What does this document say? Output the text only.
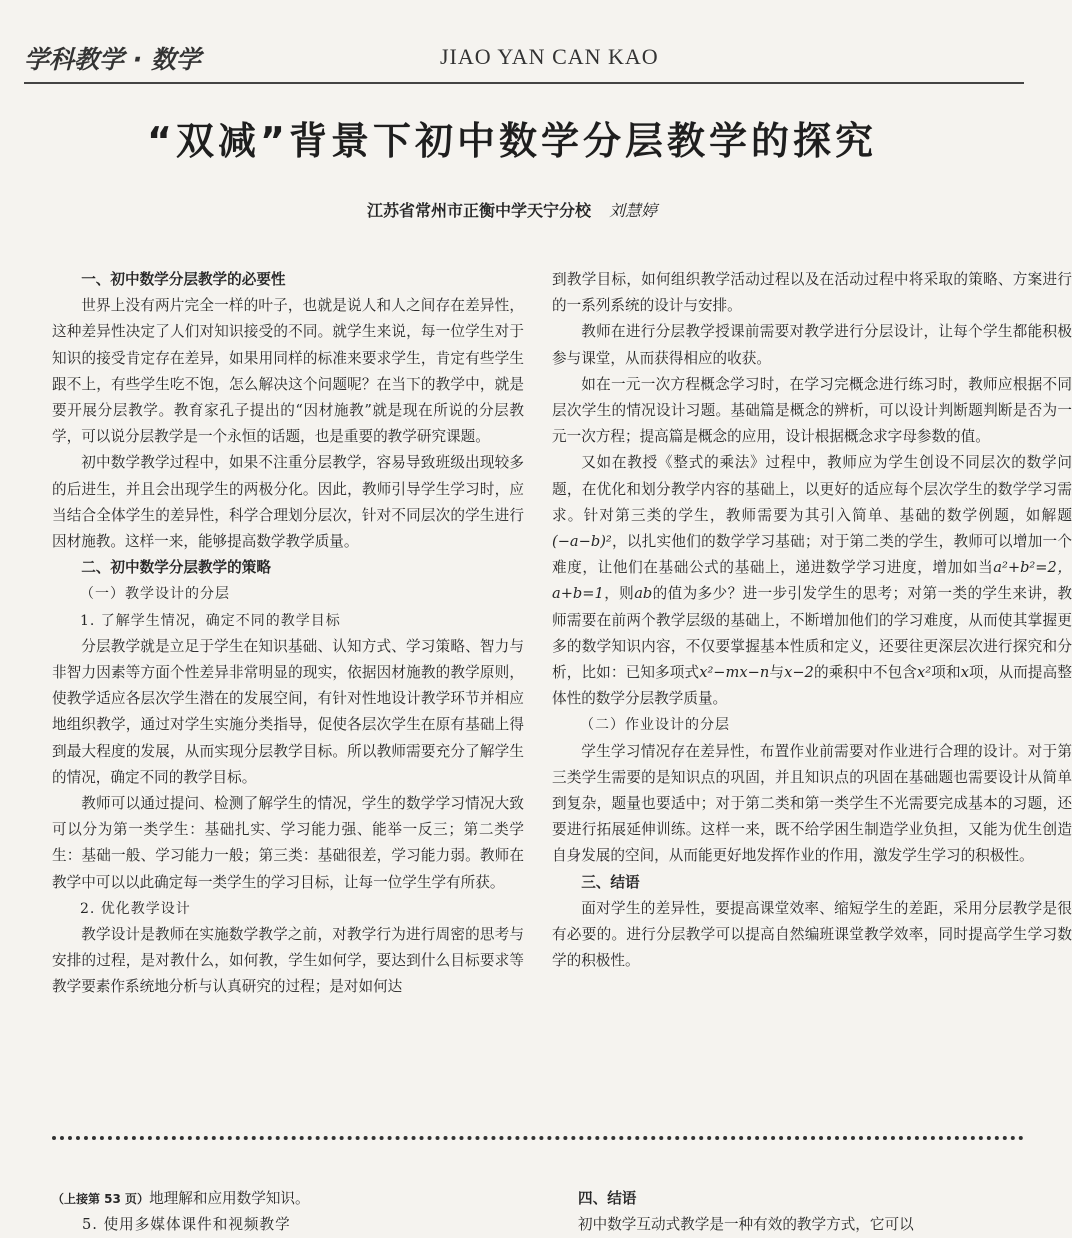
学科教学 · 数学	JIAO YAN CAN KAO
“双减”背景下初中数学分层教学的探究
江苏省常州市正衡中学天宁分校 刘慧婷
一、初中数学分层教学的必要性

世界上没有两片完全一样的叶子，也就是说人和人之间存在差异性，这种差异性决定了人们对知识接受的不同。就学生来说，每一位学生对于知识的接受肯定存在差异，如果用同样的标准来要求学生，肯定有些学生跟不上，有些学生吃不饱，怎么解决这个问题呢？在当下的教学中，就是要开展分层教学。教育家孔子提出的“因材施教”就是现在所说的分层教学，可以说分层教学是一个永恒的话题，也是重要的教学研究课题。

初中数学教学过程中，如果不注重分层教学，容易导致班级出现较多的后进生，并且会出现学生的两极分化。因此，教师引导学生学习时，应当结合全体学生的差异性，科学合理划分层次，针对不同层次的学生进行因材施教。这样一来，能够提高数学教学质量。

二、初中数学分层教学的策略
（一）教学设计的分层
1. 了解学生情况，确定不同的教学目标

分层教学就是立足于学生在知识基础、认知方式、学习策略、智力与非智力因素等方面个性差异非常明显的现实，依据因材施教的教学原则，使教学适应各层次学生潜在的发展空间，有针对性地设计教学环节并相应地组织教学，通过对学生实施分类指导，促使各层次学生在原有基础上得到最大程度的发展，从而实现分层教学目标。所以教师需要充分了解学生的情况，确定不同的教学目标。

教师可以通过提问、检测了解学生的情况，学生的数学学习情况大致可以分为第一类学生：基础扎实、学习能力强、能举一反三；第二类学生：基础一般、学习能力一般；第三类：基础很差，学习能力弱。教师在教学中可以以此确定每一类学生的学习目标，让每一位学生学有所获。

2. 优化教学设计

教学设计是教师在实施数学教学之前，对教学行为进行周密的思考与安排的过程，是对教什么，如何教，学生如何学，要达到什么目标要求等教学要素作系统地分析与认真研究的过程；是对如何达

到教学目标，如何组织教学活动过程以及在活动过程中将采取的策略、方案进行的一系列系统的设计与安排。

教师在进行分层教学授课前需要对教学进行分层设计，让每个学生都能积极参与课堂，从而获得相应的收获。

如在一元一次方程概念学习时，在学习完概念进行练习时，教师应根据不同层次学生的情况设计习题。基础篇是概念的辨析，可以设计判断题判断是否为一元一次方程；提高篇是概念的应用，设计根据概念求字母参数的值。

又如在教授《整式的乘法》过程中，教师应为学生创设不同层次的数学问题，在优化和划分教学内容的基础上，以更好的适应每个层次学生的数学学习需求。针对第三类的学生，教师需要为其引入简单、基础的数学例题，如解题(−a−b)²，以扎实他们的数学学习基础；对于第二类的学生，教师可以增加一个难度，让他们在基础公式的基础上，递进数学学习进度，增加如当a²+b²=2，a+b=1，则ab的值为多少？进一步引发学生的思考；对第一类的学生来讲，教师需要在前两个教学层级的基础上，不断增加他们的学习难度，从而使其掌握更多的数学知识内容，不仅要掌握基本性质和定义，还要往更深层次进行探究和分析，比如：已知多项式x²−mx−n与x−2的乘积中不包含x²项和x项，从而提高整体性的数学分层教学质量。

（二）作业设计的分层

学生学习情况存在差异性，布置作业前需要对作业进行合理的设计。对于第三类学生需要的是知识点的巩固，并且知识点的巩固在基础题也需要设计从简单到复杂，题量也要适中；对于第二类和第一类学生不光需要完成基本的习题，还要进行拓展延伸训练。这样一来，既不给学困生制造学业负担，又能为优生创造自身发展的空间，从而能更好地发挥作业的作用，激发学生学习的积极性。

三、结语

面对学生的差异性，要提高课堂效率、缩短学生的差距，采用分层教学是很有必要的。进行分层教学可以提高自然编班课堂教学效率，同时提高学生学习数学的积极性。

（上接第 53 页）地理解和应用数学知识。
5. 使用多媒体课件和视频教学
四、结语
初中数学互动式教学是一种有效的教学方式，它可以
